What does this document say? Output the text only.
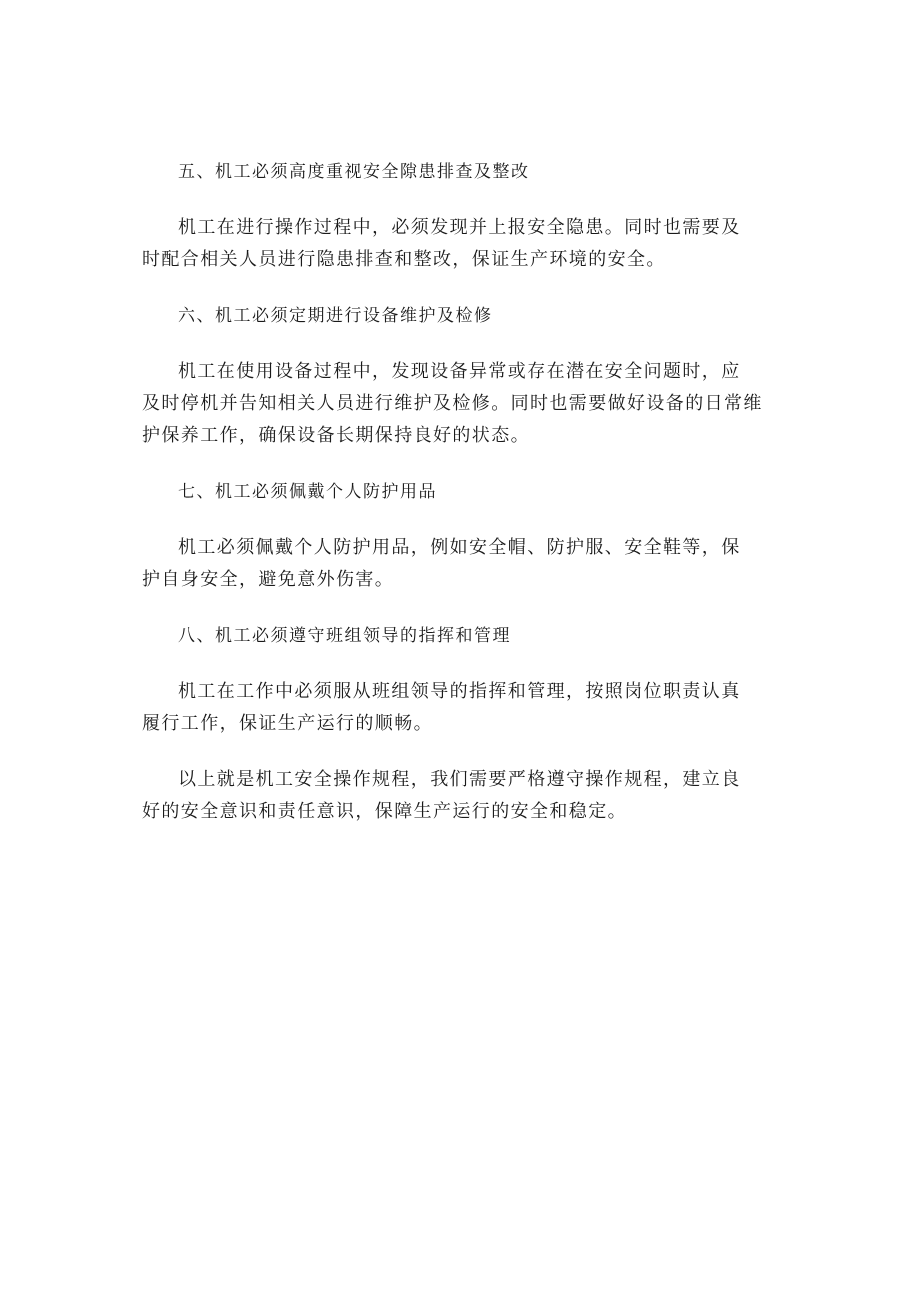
五、机工必须高度重视安全隙患排查及整改

机工在进行操作过程中，必须发现并上报安全隐患。同时也需要及
时配合相关人员进行隐患排查和整改，保证生产环境的安全。

六、机工必须定期进行设备维护及检修

机工在使用设备过程中，发现设备异常或存在潜在安全问题时，应
及时停机并告知相关人员进行维护及检修。同时也需要做好设备的日常维
护保养工作，确保设备长期保持良好的状态。

七、机工必须佩戴个人防护用品

机工必须佩戴个人防护用品，例如安全帽、防护服、安全鞋等，保
护自身安全，避免意外伤害。

八、机工必须遵守班组领导的指挥和管理

机工在工作中必须服从班组领导的指挥和管理，按照岗位职责认真
履行工作，保证生产运行的顺畅。

以上就是机工安全操作规程，我们需要严格遵守操作规程，建立良
好的安全意识和责任意识，保障生产运行的安全和稳定。
